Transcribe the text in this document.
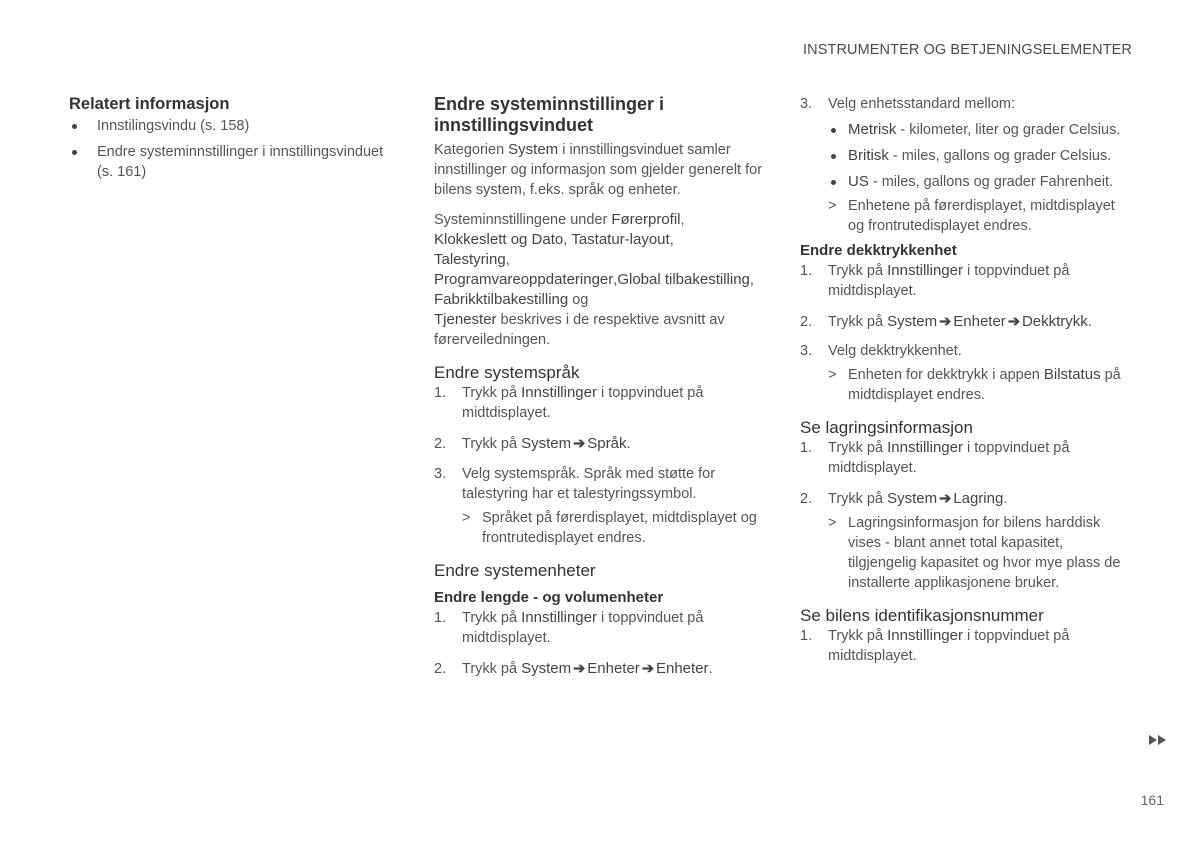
INSTRUMENTER OG BETJENINGSELEMENTER
Relatert informasjon
Innstilingsvindu (s. 158)
Endre systeminnstillinger i innstillingsvinduet (s. 161)
Endre systeminnstillinger i innstillingsvinduet

Kategorien System i innstillingsvinduet samler innstillinger og informasjon som gjelder generelt for bilens system, f.eks. språk og enheter.

Systeminnstillingene under Førerprofil,
Klokkeslett og Dato, Tastatur-layout,
Talestyring,
Programvareoppdateringer,Global tilbakestilling, Fabrikktilbakestilling og
Tjenester beskrives i de respektive avsnitt av førerveiledningen.

Endre systemspråk
1. Trykk på Innstillinger i toppvinduet på midtdisplayet.
2. Trykk på System ➔ Språk.
3. Velg systemspråk. Språk med støtte for talestyring har et talestyringssymbol.
> Språket på førerdisplayet, midtdisplayet og frontrutedisplayet endres.
Endre systemenheter
Endre lengde - og volumenheter
1. Trykk på Innstillinger i toppvinduet på midtdisplayet.
2. Trykk på System ➔ Enheter ➔ Enheter.
3. Velg enhetsstandard mellom:
Metrisk - kilometer, liter og grader Celsius.
Britisk - miles, gallons og grader Celsius.
US - miles, gallons og grader Fahrenheit.
> Enhetene på førerdisplayet, midtdisplayet og frontrutedisplayet endres.
Endre dekktrykkenhet
1. Trykk på Innstillinger i toppvinduet på midtdisplayet.
2. Trykk på System ➔ Enheter ➔ Dekktrykk.
3. Velg dekktrykkenhet.
> Enheten for dekktrykk i appen Bilstatus på midtdisplayet endres.
Se lagringsinformasjon
1. Trykk på Innstillinger i toppvinduet på midtdisplayet.
2. Trykk på System ➔ Lagring.
> Lagringsinformasjon for bilens harddisk vises - blant annet total kapasitet, tilgjengelig kapasitet og hvor mye plass de installerte applikasjonene bruker.
Se bilens identifikasjonsnummer
1. Trykk på Innstillinger i toppvinduet på midtdisplayet.
161
